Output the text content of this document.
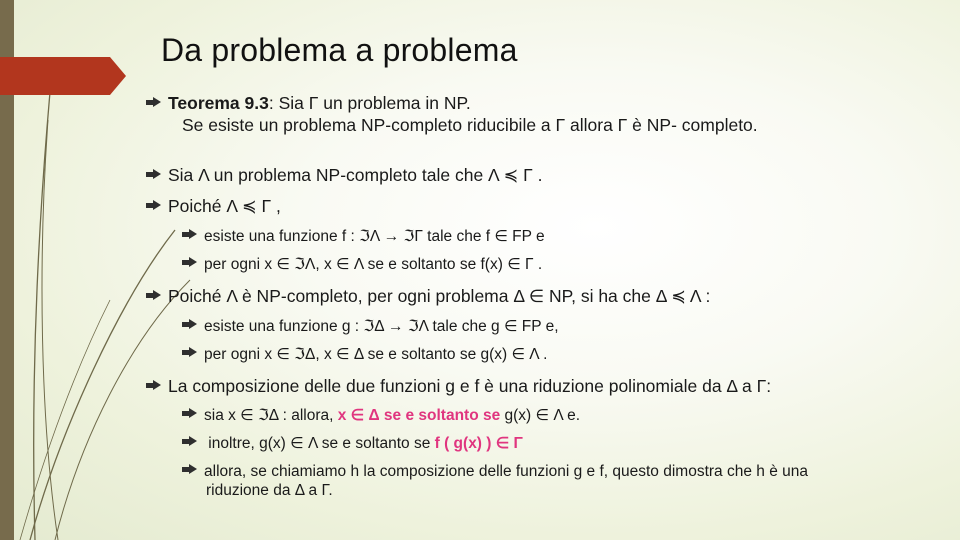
Da problema a problema
Teorema 9.3: Sia Γ un problema in NP.
Se esiste un problema NP-completo riducibile a Γ allora Γ è NP- completo.
Sia Λ un problema NP-completo tale che Λ ≼ Γ .
Poiché Λ ≼ Γ ,
esiste una funzione f : ℑΛ → ℑΓ tale che f ∈ FP e
per ogni x ∈ ℑΛ, x ∈ Λ se e soltanto se f(x) ∈ Γ .
Poiché Λ è NP-completo, per ogni problema Δ ∈ NP, si ha che Δ ≼ Λ :
esiste una funzione g : ℑΔ → ℑΛ tale che g ∈ FP e,
per ogni x ∈ ℑΔ, x ∈ Δ se e soltanto se g(x) ∈ Λ .
La composizione delle due funzioni g e f è una riduzione polinomiale da Δ a Γ:
sia x ∈ ℑΔ : allora, x ∈ Δ se e soltanto se g(x) ∈ Λ e.
inoltre, g(x) ∈ Λ se e soltanto se f ( g(x) ) ∈ Γ
allora, se chiamiamo h la composizione delle funzioni g e f, questo dimostra che h è una
riduzione da Δ a Γ.
